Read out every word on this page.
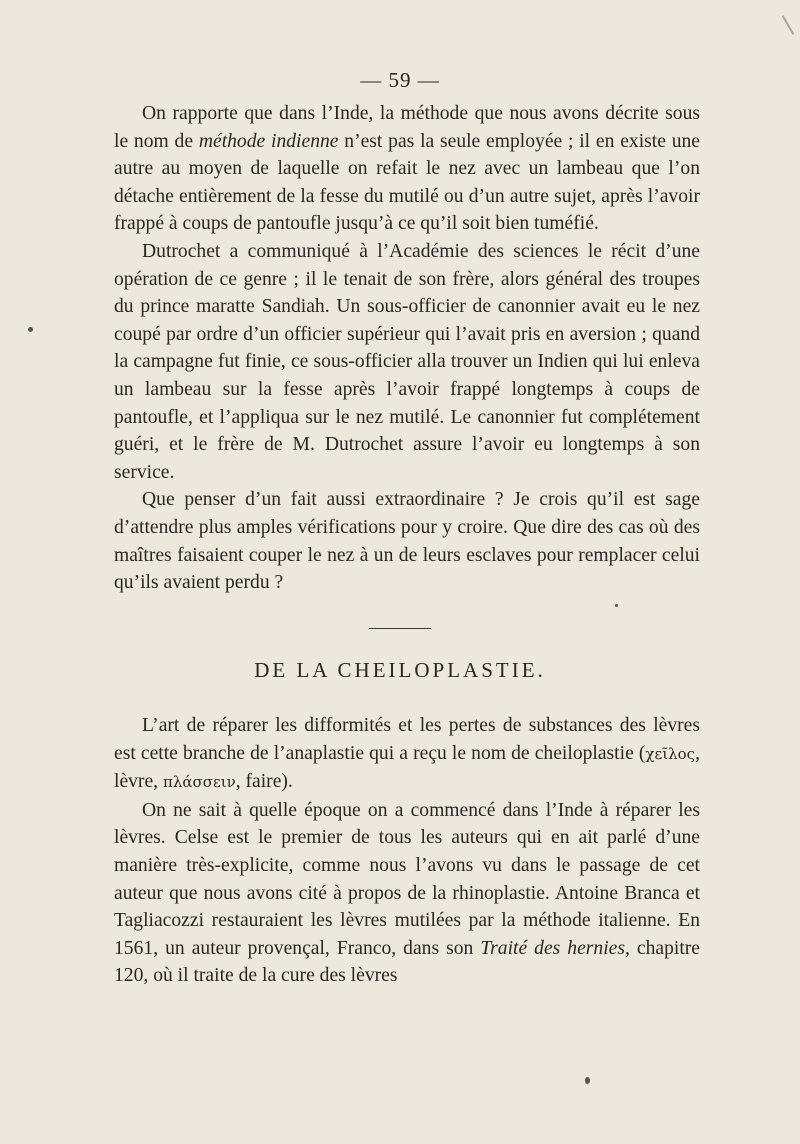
— 59 —

On rapporte que dans l’Inde, la méthode que nous avons décrite sous le nom de méthode indienne n’est pas la seule employée ; il en existe une autre au moyen de laquelle on refait le nez avec un lambeau que l’on détache entièrement de la fesse du mutilé ou d’un autre sujet, après l’avoir frappé à coups de pantoufle jusqu’à ce qu’il soit bien tuméfié.

Dutrochet a communiqué à l’Académie des sciences le récit d’une opération de ce genre ; il le tenait de son frère, alors général des troupes du prince maratte Sandiah. Un sous-officier de canonnier avait eu le nez coupé par ordre d’un officier supérieur qui l’avait pris en aversion ; quand la campagne fut finie, ce sous-officier alla trouver un Indien qui lui enleva un lambeau sur la fesse après l’avoir frappé longtemps à coups de pantoufle, et l’appliqua sur le nez mutilé. Le canonnier fut complétement guéri, et le frère de M. Dutrochet assure l’avoir eu longtemps à son service.

Que penser d’un fait aussi extraordinaire ? Je crois qu’il est sage d’attendre plus amples vérifications pour y croire. Que dire des cas où des maîtres faisaient couper le nez à un de leurs esclaves pour remplacer celui qu’ils avaient perdu ?

DE LA CHEILOPLASTIE.

L’art de réparer les difformités et les pertes de substances des lèvres est cette branche de l’anaplastie qui a reçu le nom de cheiloplastie (χεῖλος, lèvre, πλάσσειν, faire).

On ne sait à quelle époque on a commencé dans l’Inde à réparer les lèvres. Celse est le premier de tous les auteurs qui en ait parlé d’une manière très-explicite, comme nous l’avons vu dans le passage de cet auteur que nous avons cité à propos de la rhinoplastie. Antoine Branca et Tagliacozzi restauraient les lèvres mutilées par la méthode italienne. En 1561, un auteur provençal, Franco, dans son Traité des hernies, chapitre 120, où il traite de la cure des lèvres
